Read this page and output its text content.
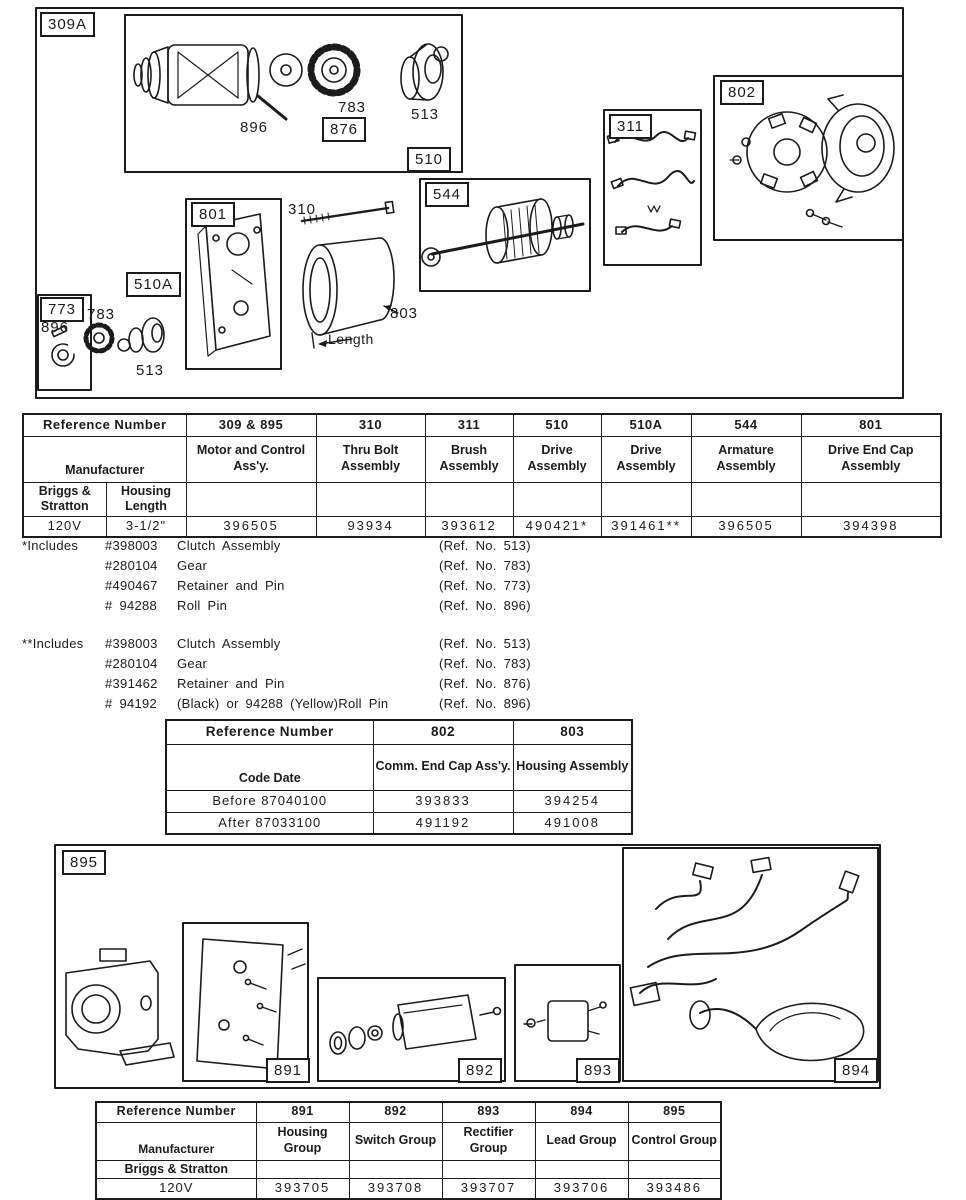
309A
510
876
802
311
544
801
510A
773
896
783	513
310
803
896
783
513
Length
Reference Number		309 & 895	310	311	510	510A	544	801
Manufacturer		Motor and Control Ass'y.	Thru Bolt Assembly	Brush Assembly	Drive Assembly	Drive Assembly	Armature Assembly	Drive End Cap Assembly
Briggs & Stratton	Housing Length							
120V	3-1/2"	396505	93934	393612	490421*	391461**	396505	394398
*Includes	#398003	Clutch Assembly	(Ref. No. 513)
#280104	Gear	(Ref. No. 783)
#490467	Retainer and Pin	(Ref. No. 773)
# 94288	Roll Pin	(Ref. No. 896)
**Includes	#398003	Clutch Assembly	(Ref. No. 513)
#280104	Gear	(Ref. No. 783)
#391462	Retainer and Pin	(Ref. No. 876)
# 94192	(Black) or 94288 (Yellow)Roll Pin	(Ref. No. 896)
Reference Number	802	803
Code Date	Comm. End Cap Ass'y.	Housing Assembly
Before 87040100	393833	394254
After 87033100	491192	491008
895
891	892	893	894
Reference Number	891	892	893	894	895
Manufacturer	Housing Group	Switch Group	Rectifier Group	Lead Group	Control Group
Briggs & Stratton					
120V	393705	393708	393707	393706	393486
